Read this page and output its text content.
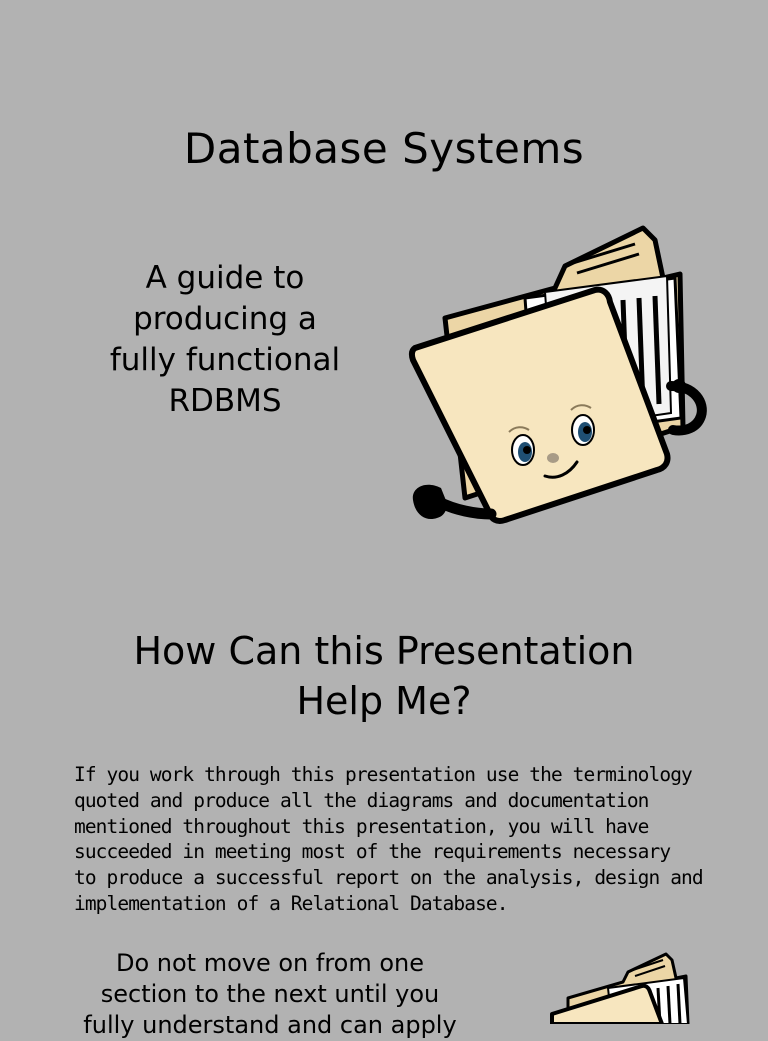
Database Systems
A guide to
producing a
fully functional
RDBMS
How Can this Presentation
Help Me?
If you work through this presentation use the terminology
quoted and produce all the diagrams and documentation
mentioned throughout this presentation, you will have
succeeded in meeting most of the requirements necessary
to produce a successful report on the analysis, design and
implementation of a Relational Database.
Do not move on from one
section to the next until you
fully understand and can apply
